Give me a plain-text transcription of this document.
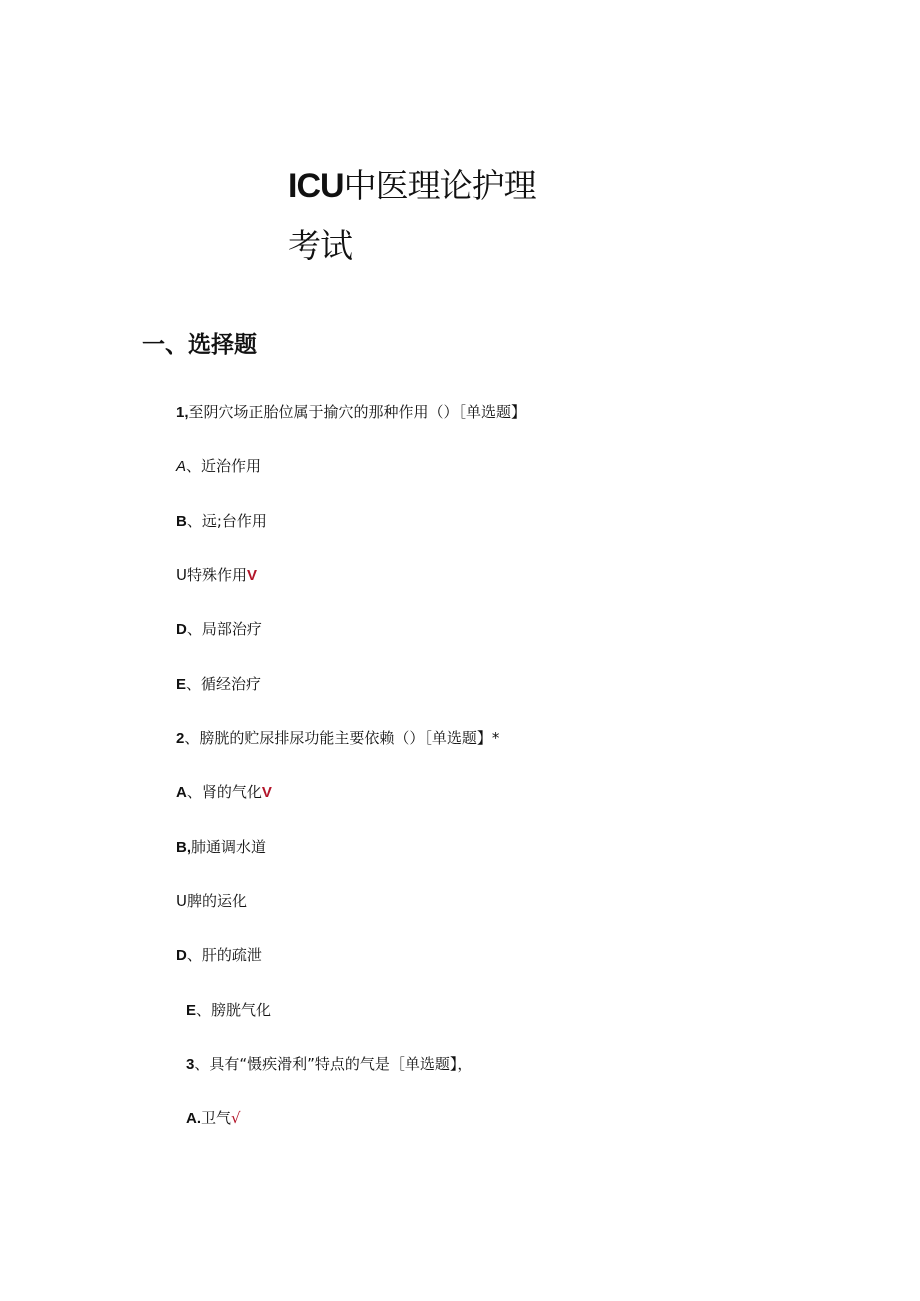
ICU中医理论护理
考试
一、选择题
1,至阴穴场正胎位属于揄穴的那种作用（）［单选题】
A、近治作用
B、远;台作用
U特殊作用V
D、局部治疗
E、循经治疗
2、膀胱的贮尿排尿功能主要依赖（）［单选题】*
A、肾的气化V
B,肺通调水道
U脾的运化
D、肝的疏泄
E、膀胱气化
3、具有“慑疾滑利”特点的气是［单选题】，
A.卫气√
